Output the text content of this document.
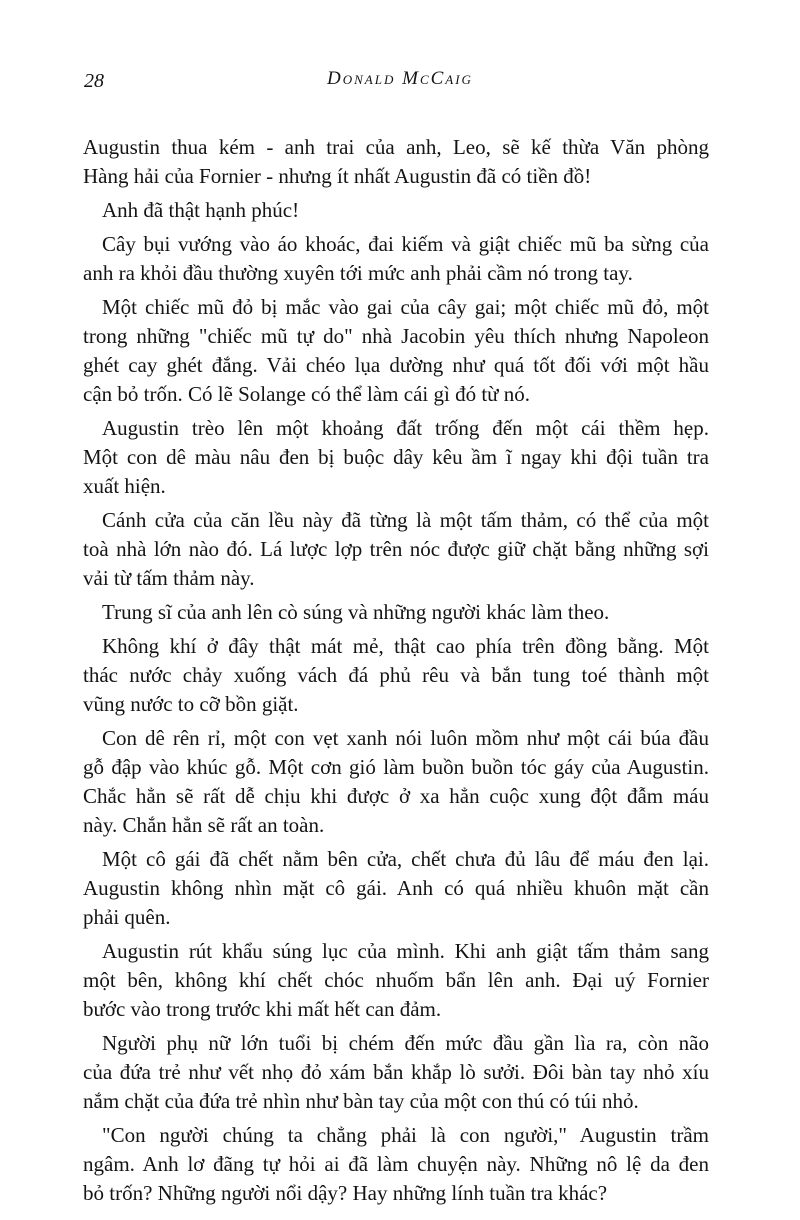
28	Donald McCaig
Augustin thua kém - anh trai của anh, Leo, sẽ kế thừa Văn phòng
Hàng hải của Fornier - nhưng ít nhất Augustin đã có tiền đồ!
Anh đã thật hạnh phúc!
Cây bụi vướng vào áo khoác, đai kiếm và giật chiếc mũ ba sừng của
anh ra khỏi đầu thường xuyên tới mức anh phải cầm nó trong tay.
Một chiếc mũ đỏ bị mắc vào gai của cây gai; một chiếc mũ đỏ, một
trong những "chiếc mũ tự do" nhà Jacobin yêu thích nhưng Napoleon
ghét cay ghét đắng. Vải chéo lụa dường như quá tốt đối với một hầu
cận bỏ trốn. Có lẽ Solange có thể làm cái gì đó từ nó.
Augustin trèo lên một khoảng đất trống đến một cái thềm hẹp.
Một con dê màu nâu đen bị buộc dây kêu ầm ĩ ngay khi đội tuần tra
xuất hiện.
Cánh cửa của căn lều này đã từng là một tấm thảm, có thể của một
toà nhà lớn nào đó. Lá lược lợp trên nóc được giữ chặt bằng những sợi
vải từ tấm thảm này.
Trung sĩ của anh lên cò súng và những người khác làm theo.
Không khí ở đây thật mát mẻ, thật cao phía trên đồng bằng. Một
thác nước chảy xuống vách đá phủ rêu và bắn tung toé thành một
vũng nước to cỡ bồn giặt.
Con dê rên rỉ, một con vẹt xanh nói luôn mồm như một cái búa đầu
gỗ đập vào khúc gỗ. Một cơn gió làm buồn buồn tóc gáy của Augustin.
Chắc hẳn sẽ rất dễ chịu khi được ở xa hẳn cuộc xung đột đẫm máu
này. Chắn hẳn sẽ rất an toàn.
Một cô gái đã chết nằm bên cửa, chết chưa đủ lâu để máu đen lại.
Augustin không nhìn mặt cô gái. Anh có quá nhiều khuôn mặt cần
phải quên.
Augustin rút khẩu súng lục của mình. Khi anh giật tấm thảm sang
một bên, không khí chết chóc nhuốm bẩn lên anh. Đại uý Fornier
bước vào trong trước khi mất hết can đảm.
Người phụ nữ lớn tuổi bị chém đến mức đầu gần lìa ra, còn não
của đứa trẻ như vết nhọ đỏ xám bắn khắp lò sưởi. Đôi bàn tay nhỏ xíu
nắm chặt của đứa trẻ nhìn như bàn tay của một con thú có túi nhỏ.
"Con người chúng ta chẳng phải là con người," Augustin trầm
ngâm. Anh lơ đãng tự hỏi ai đã làm chuyện này. Những nô lệ da đen
bỏ trốn? Những người nổi dậy? Hay những lính tuần tra khác?
